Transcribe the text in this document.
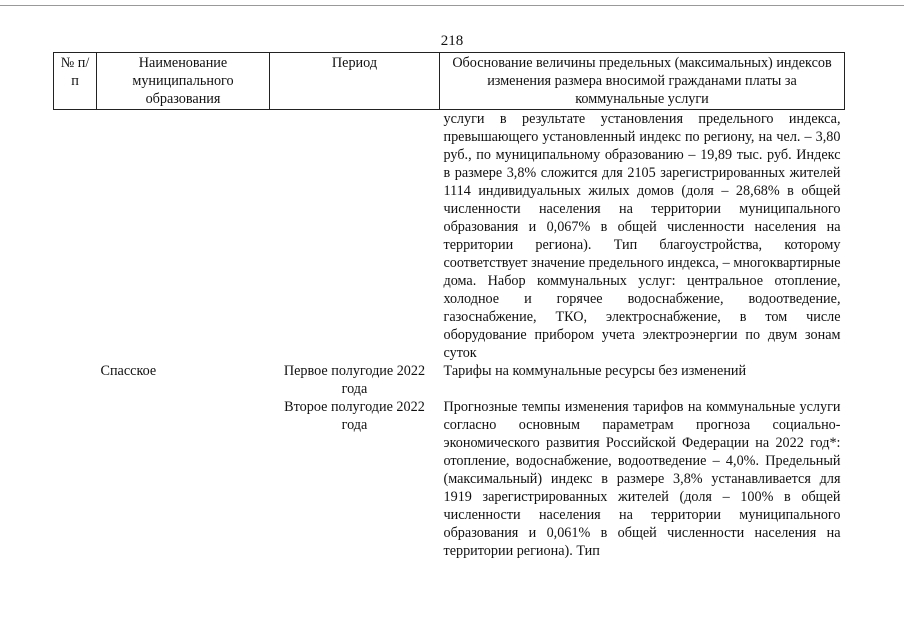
218
№ п/п	Наименование муниципального образования	Период	Обоснование величины предельных (максимальных) индексов изменения размера вносимой гражданами платы за коммунальные услуги
			услуги в результате установления предельного индекса, превышающего установленный индекс по региону, на чел. – 3,80 руб., по муниципальному образованию – 19,89 тыс. руб. Индекс в размере 3,8% сложится для 2105 зарегистрированных жителей 1114 индивидуальных жилых домов (доля – 28,68% в общей численности населения на территории муниципального образования и 0,067% в общей численности населения на территории региона). Тип благоустройства, которому соответствует значение предельного индекса, – многоквартирные дома. Набор коммунальных услуг: центральное отопление, холодное и горячее водоснабжение, водоотведение, газоснабжение, ТКО, электроснабжение, в том числе оборудование прибором учета электроэнергии по двум зонам суток
	Спасское	Первое полугодие 2022 года	Тарифы на коммунальные ресурсы без изменений
		Второе полугодие 2022 года	Прогнозные темпы изменения тарифов на коммунальные услуги согласно основным параметрам прогноза социально-экономического развития Российской Федерации на 2022 год*: отопление, водоснабжение, водоотведение – 4,0%. Предельный (максимальный) индекс в размере 3,8% устанавливается для 1919 зарегистрированных жителей (доля – 100% в общей численности населения на территории муниципального образования и 0,061% в общей численности населения на территории региона). Тип
